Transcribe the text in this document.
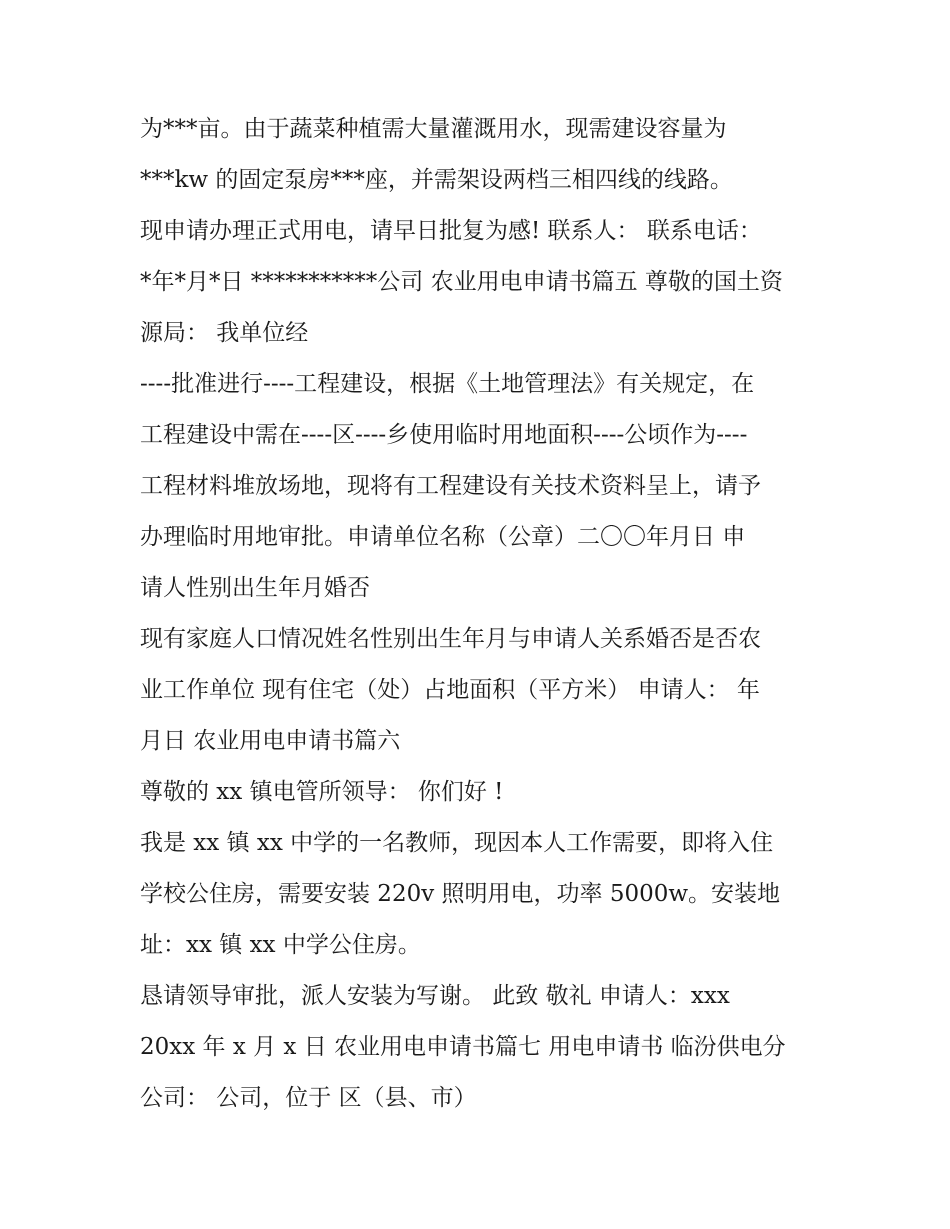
为***亩。由于蔬菜种植需大量灌溉用水，现需建设容量为
***kw 的固定泵房***座，并需架设两档三相四线的线路。
现申请办理正式用电，请早日批复为感! 联系人： 联系电话：
*年*月*日 ***********公司 农业用电申请书篇五 尊敬的国土资
源局： 我单位经
----批准进行----工程建设，根据《土地管理法》有关规定，在
工程建设中需在----区----乡使用临时用地面积----公顷作为----
工程材料堆放场地，现将有工程建设有关技术资料呈上，请予
办理临时用地审批。申请单位名称（公章）二〇〇年月日 申
请人性别出生年月婚否
现有家庭人口情况姓名性别出生年月与申请人关系婚否是否农
业工作单位 现有住宅（处）占地面积（平方米） 申请人： 年
月日 农业用电申请书篇六
尊敬的 xx 镇电管所领导： 你们好 !
我是 xx 镇 xx 中学的一名教师，现因本人工作需要，即将入住
学校公住房，需要安装 220v 照明用电，功率 5000w。安装地
址：xx 镇 xx 中学公住房。
恳请领导审批，派人安装为写谢。 此致 敬礼 申请人：xxx
20xx 年 x 月 x 日 农业用电申请书篇七 用电申请书 临汾供电分
公司： 公司，位于 区（县、市）
